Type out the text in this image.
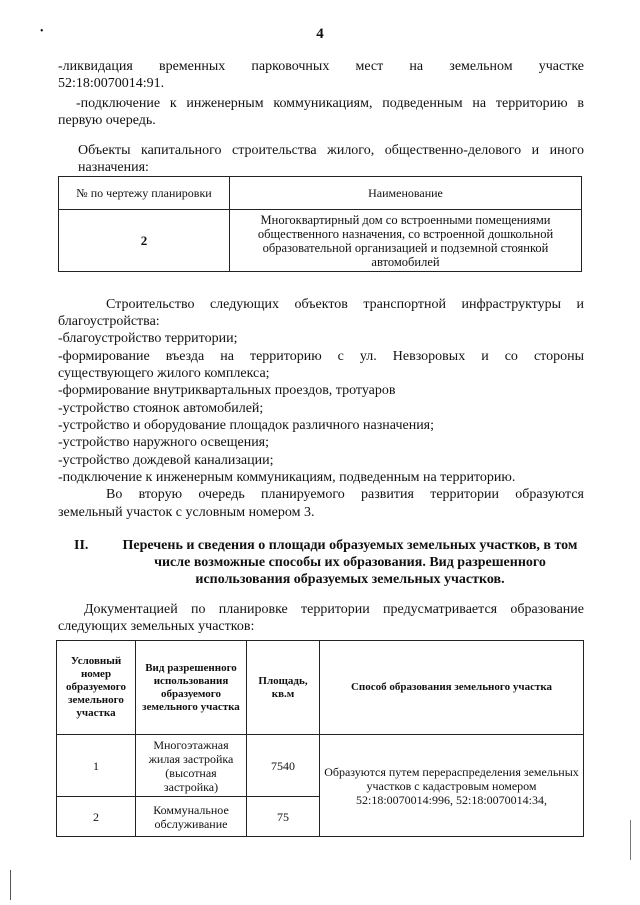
•	4

-ликвидация временных парковочных мест на земельном участке

52:18:0070014:91.

-подключение к инженерным коммуникациям, подведенным на территорию в

первую очередь.

Объекты капитального строительства жилого, общественно-делового и иного

назначения:

№ по чертежу планировки	Наименование
2	Многоквартирный дом со встроенными помещениями общественного назначения, со встроенной дошкольной образовательной организацией и подземной стоянкой автомобилей

Строительство следующих объектов транспортной инфраструктуры и

благоустройства:

-благоустройство территории;

-формирование въезда на территорию с ул. Невзоровых и со стороны

существующего жилого комплекса;

-формирование внутриквартальных проездов, тротуаров

-устройство стоянок автомобилей;

-устройство и оборудование площадок различного назначения;

-устройство наружного освещения;

-устройство дождевой канализации;

-подключение к инженерным коммуникациям, подведенным на территорию.

Во вторую очередь планируемого развития территории образуются

земельный участок с условным номером 3.

II.	Перечень и сведения о площади образуемых земельных участков, в том числе возможные способы их образования. Вид разрешенного использования образуемых земельных участков.

Документацией по планировке территории предусматривается образование

следующих земельных участков:

Условный номер образуемого земельного участка	Вид разрешенного использования образуемого земельного участка	Площадь, кв.м	Способ образования земельного участка
1	Многоэтажная жилая застройка (высотная застройка)	7540	Образуются путем перераспределения земельных участков с кадастровым номером 52:18:0070014:996, 52:18:0070014:34,
2	Коммунальное обслуживание	75	
